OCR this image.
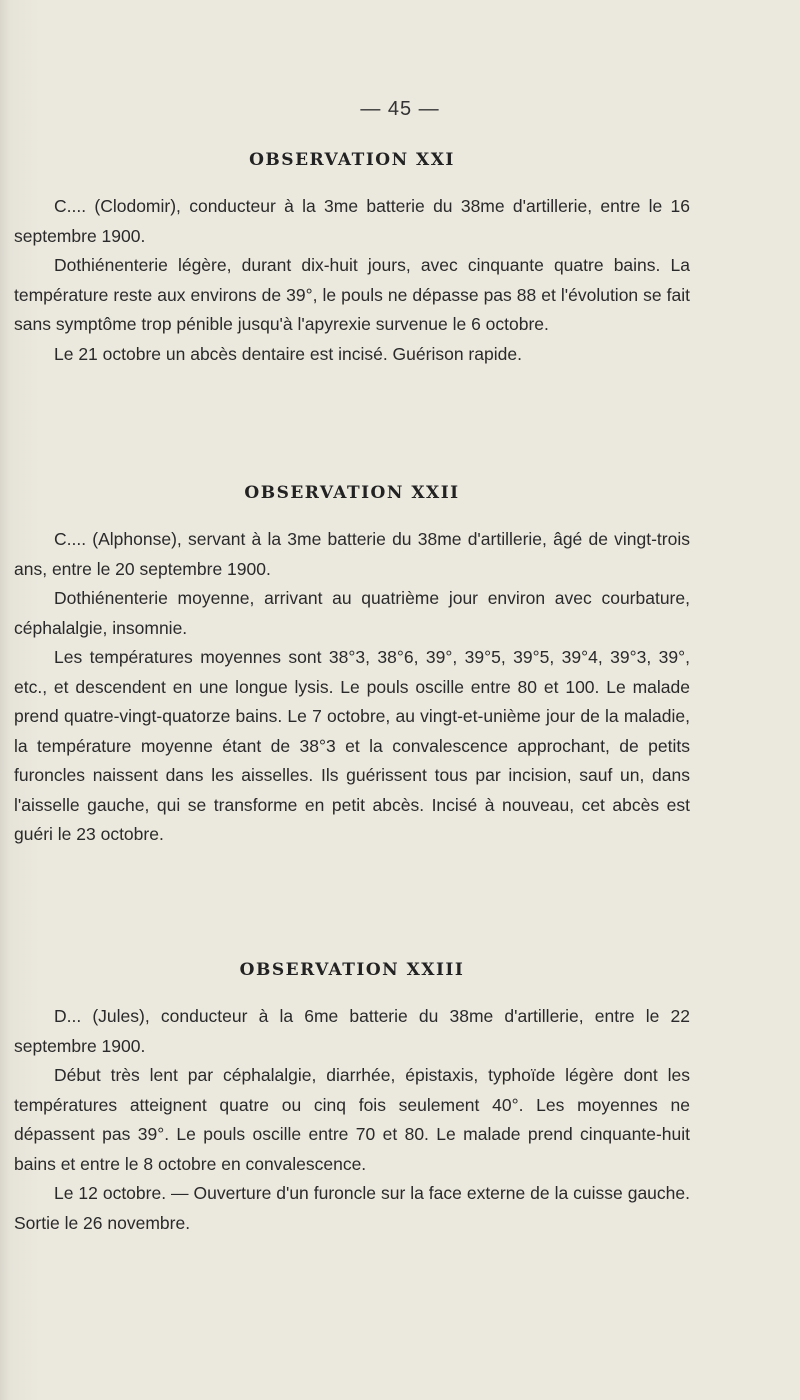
— 45 —
OBSERVATION XXI

C.... (Clodomir), conducteur à la 3me batterie du 38me d'artillerie, entre le 16 septembre 1900.

Dothiénenterie légère, durant dix-huit jours, avec cinquante quatre bains. La température reste aux environs de 39°, le pouls ne dépasse pas 88 et l'évolution se fait sans symptôme trop pénible jusqu'à l'apyrexie survenue le 6 octobre.

Le 21 octobre un abcès dentaire est incisé. Guérison rapide.

OBSERVATION XXII

C.... (Alphonse), servant à la 3me batterie du 38me d'artillerie, âgé de vingt-trois ans, entre le 20 septembre 1900.

Dothiénenterie moyenne, arrivant au quatrième jour environ avec courbature, céphalalgie, insomnie.

Les températures moyennes sont 38°3, 38°6, 39°, 39°5, 39°5, 39°4, 39°3, 39°, etc., et descendent en une longue lysis. Le pouls oscille entre 80 et 100. Le malade prend quatre-vingt-quatorze bains. Le 7 octobre, au vingt-et-unième jour de la maladie, la température moyenne étant de 38°3 et la convalescence approchant, de petits furoncles naissent dans les aisselles. Ils guérissent tous par incision, sauf un, dans l'aisselle gauche, qui se transforme en petit abcès. Incisé à nouveau, cet abcès est guéri le 23 octobre.

OBSERVATION XXIII

D... (Jules), conducteur à la 6me batterie du 38me d'artillerie, entre le 22 septembre 1900.

Début très lent par céphalalgie, diarrhée, épistaxis, typhoïde légère dont les températures atteignent quatre ou cinq fois seulement 40°. Les moyennes ne dépassent pas 39°. Le pouls oscille entre 70 et 80. Le malade prend cinquante-huit bains et entre le 8 octobre en convalescence.

Le 12 octobre. — Ouverture d'un furoncle sur la face externe de la cuisse gauche. Sortie le 26 novembre.
